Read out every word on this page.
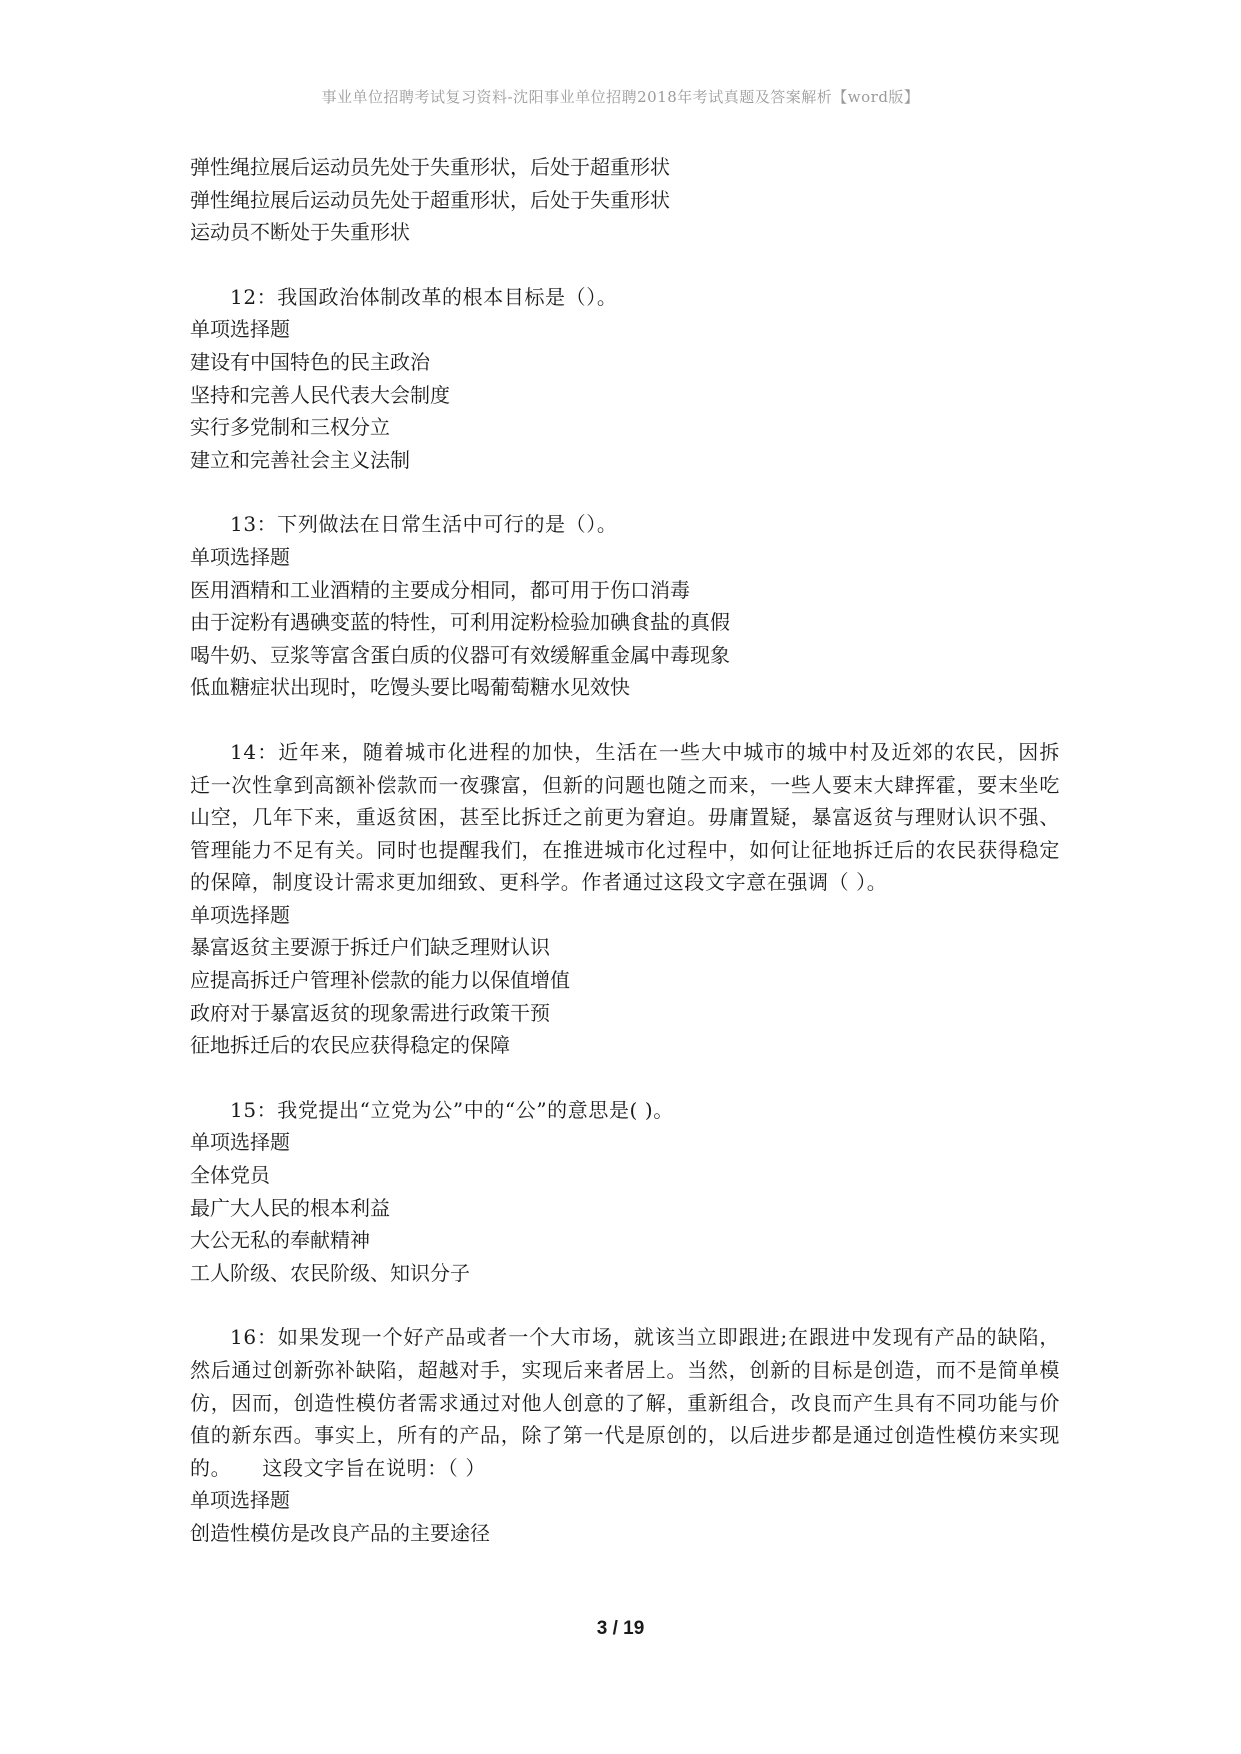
事业单位招聘考试复习资料-沈阳事业单位招聘2018年考试真题及答案解析【word版】
弹性绳拉展后运动员先处于失重形状，后处于超重形状
弹性绳拉展后运动员先处于超重形状，后处于失重形状
运动员不断处于失重形状
12：我国政治体制改革的根本目标是（）。
单项选择题
建设有中国特色的民主政治
坚持和完善人民代表大会制度
实行多党制和三权分立
建立和完善社会主义法制
13：下列做法在日常生活中可行的是（）。
单项选择题
医用酒精和工业酒精的主要成分相同，都可用于伤口消毒
由于淀粉有遇碘变蓝的特性，可利用淀粉检验加碘食盐的真假
喝牛奶、豆浆等富含蛋白质的仪器可有效缓解重金属中毒现象
低血糖症状出现时，吃馒头要比喝葡萄糖水见效快
14：近年来，随着城市化进程的加快，生活在一些大中城市的城中村及近郊的农民，因拆迁一次性拿到高额补偿款而一夜骤富，但新的问题也随之而来，一些人要末大肆挥霍，要末坐吃山空，几年下来，重返贫困，甚至比拆迁之前更为窘迫。毋庸置疑，暴富返贫与理财认识不强、管理能力不足有关。同时也提醒我们，在推进城市化过程中，如何让征地拆迁后的农民获得稳定的保障，制度设计需求更加细致、更科学。作者通过这段文字意在强调（ ）。
单项选择题
暴富返贫主要源于拆迁户们缺乏理财认识
应提高拆迁户管理补偿款的能力以保值增值
政府对于暴富返贫的现象需进行政策干预
征地拆迁后的农民应获得稳定的保障
15：我党提出“立党为公”中的“公”的意思是( )。
单项选择题
全体党员
最广大人民的根本利益
大公无私的奉献精神
工人阶级、农民阶级、知识分子
16：如果发现一个好产品或者一个大市场，就该当立即跟进;在跟进中发现有产品的缺陷，然后通过创新弥补缺陷，超越对手，实现后来者居上。当然，创新的目标是创造，而不是简单模仿，因而，创造性模仿者需求通过对他人创意的了解，重新组合，改良而产生具有不同功能与价值的新东西。事实上，所有的产品，除了第一代是原创的，以后进步都是通过创造性模仿来实现的。　　这段文字旨在说明：（ ）
单项选择题
创造性模仿是改良产品的主要途径
3 / 19
